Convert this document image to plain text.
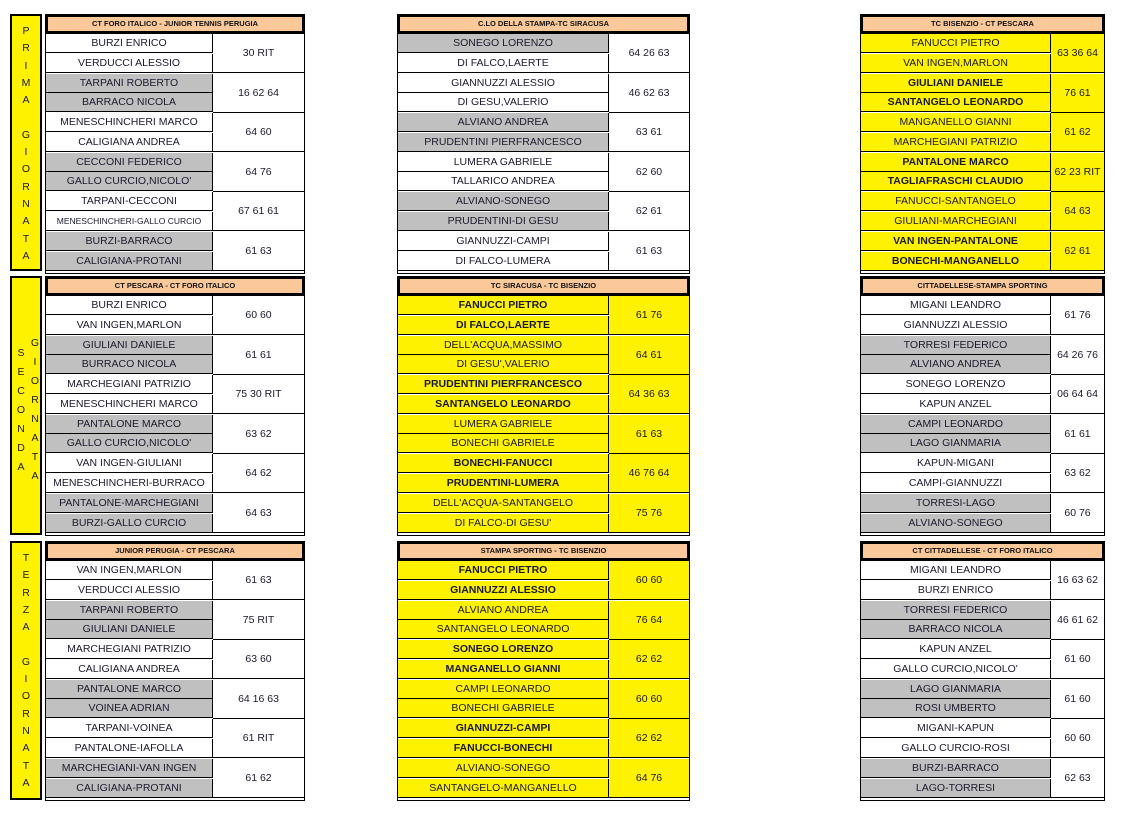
P
R
I
M
A
G
I
O
R
N
A
T
A
CT FORO ITALICO - JUNIOR TENNIS PERUGIA
BURZI ENRICO
VERDUCCI ALESSIO
30 RIT
TARPANI ROBERTO
BARRACO NICOLA
16 62 64
MENESCHINCHERI MARCO
CALIGIANA ANDREA
64 60
CECCONI FEDERICO
GALLO CURCIO,NICOLO'
64 76
TARPANI-CECCONI
MENESCHINCHERI-GALLO CURCIO
67 61 61
BURZI-BARRACO
CALIGIANA-PROTANI
61 63
C.LO DELLA STAMPA-TC SIRACUSA
SONEGO LORENZO
DI FALCO,LAERTE
64 26 63
GIANNUZZI ALESSIO
DI GESU,VALERIO
46 62 63
ALVIANO ANDREA
PRUDENTINI PIERFRANCESCO
63 61
LUMERA GABRIELE
TALLARICO ANDREA
62 60
ALVIANO-SONEGO
PRUDENTINI-DI GESU
62 61
GIANNUZZI-CAMPI
DI FALCO-LUMERA
61 63
TC BISENZIO - CT PESCARA
FANUCCI PIETRO
VAN INGEN,MARLON
63 36 64
GIULIANI DANIELE
SANTANGELO LEONARDO
76 61
MANGANELLO GIANNI
MARCHEGIANI PATRIZIO
61 62
PANTALONE MARCO
TAGLIAFRASCHI CLAUDIO
62 23 RIT
FANUCCI-SANTANGELO
GIULIANI-MARCHEGIANI
64 63
VAN INGEN-PANTALONE
BONECHI-MANGANELLO
62 61
S
E
C
O
N
D
A
G
I
O
R
N
A
T
A
CT PESCARA - CT FORO ITALICO
BURZI ENRICO
VAN INGEN,MARLON
60 60
GIULIANI DANIELE
BURRACO NICOLA
61 61
MARCHEGIANI PATRIZIO
MENESCHINCHERI MARCO
75 30 RIT
PANTALONE MARCO
GALLO CURCIO,NICOLO'
63 62
VAN INGEN-GIULIANI
MENESCHINCHERI-BURRACO
64 62
PANTALONE-MARCHEGIANI
BURZI-GALLO CURCIO
64 63
TC SIRACUSA - TC BISENZIO
FANUCCI PIETRO
DI FALCO,LAERTE
61 76
DELL'ACQUA,MASSIMO
DI GESU',VALERIO
64 61
PRUDENTINI PIERFRANCESCO
SANTANGELO LEONARDO
64 36 63
LUMERA GABRIELE
BONECHI GABRIELE
61 63
BONECHI-FANUCCI
PRUDENTINI-LUMERA
46 76 64
DELL'ACQUA-SANTANGELO
DI FALCO-DI GESU'
75 76
CITTADELLESE-STAMPA SPORTING
MIGANI LEANDRO
GIANNUZZI ALESSIO
61 76
TORRESI FEDERICO
ALVIANO ANDREA
64 26 76
SONEGO LORENZO
KAPUN ANZEL
06 64 64
CAMPI LEONARDO
LAGO GIANMARIA
61 61
KAPUN-MIGANI
CAMPI-GIANNUZZI
63 62
TORRESI-LAGO
ALVIANO-SONEGO
60 76
T
E
R
Z
A
G
I
O
R
N
A
T
A
JUNIOR PERUGIA - CT PESCARA
VAN INGEN,MARLON
VERDUCCI ALESSIO
61 63
TARPANI ROBERTO
GIULIANI DANIELE
75 RIT
MARCHEGIANI PATRIZIO
CALIGIANA ANDREA
63 60
PANTALONE MARCO
VOINEA ADRIAN
64 16 63
TARPANI-VOINEA
PANTALONE-IAFOLLA
61 RIT
MARCHEGIANI-VAN INGEN
CALIGIANA-PROTANI
61 62
STAMPA SPORTING - TC BISENZIO
FANUCCI PIETRO
GIANNUZZI ALESSIO
60 60
ALVIANO ANDREA
SANTANGELO LEONARDO
76 64
SONEGO LORENZO
MANGANELLO GIANNI
62 62
CAMPI LEONARDO
BONECHI GABRIELE
60 60
GIANNUZZI-CAMPI
FANUCCI-BONECHI
62 62
ALVIANO-SONEGO
SANTANGELO-MANGANELLO
64 76
CT CITTADELLESE - CT FORO ITALICO
MIGANI LEANDRO
BURZI ENRICO
16 63 62
TORRESI FEDERICO
BARRACO NICOLA
46 61 62
KAPUN ANZEL
GALLO CURCIO,NICOLO'
61 60
LAGO GIANMARIA
ROSI UMBERTO
61 60
MIGANI-KAPUN
GALLO CURCIO-ROSI
60 60
BURZI-BARRACO
LAGO-TORRESI
62 63
